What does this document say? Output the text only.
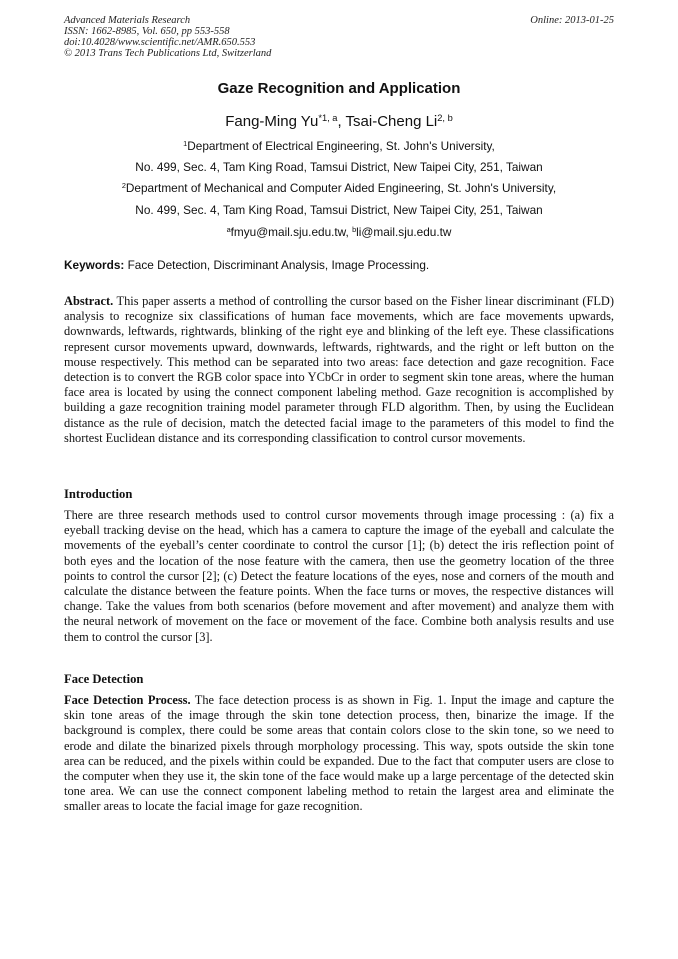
Advanced Materials Research
ISSN: 1662-8985, Vol. 650, pp 553-558
doi:10.4028/www.scientific.net/AMR.650.553
© 2013 Trans Tech Publications Ltd, Switzerland
Online: 2013-01-25
Gaze Recognition and Application
Fang-Ming Yu$^{*1, a}$, Tsai-Cheng Li$^{2, b}$
$^1$Department of Electrical Engineering, St. John's University,
No. 499, Sec. 4, Tam King Road, Tamsui District, New Taipei City, 251, Taiwan
$^2$Department of Mechanical and Computer Aided Engineering, St. John's University,
No. 499, Sec. 4, Tam King Road, Tamsui District, New Taipei City, 251, Taiwan
$^a$fmyu@mail.sju.edu.tw, $^b$li@mail.sju.edu.tw
Keywords: Face Detection, Discriminant Analysis, Image Processing.
Abstract. This paper asserts a method of controlling the cursor based on the Fisher linear discriminant (FLD) analysis to recognize six classifications of human face movements, which are face movements upwards, downwards, leftwards, rightwards, blinking of the right eye and blinking of the left eye. These classifications represent cursor movements upward, downwards, leftwards, rightwards, and the right or left button on the mouse respectively. This method can be separated into two areas: face detection and gaze recognition. Face detection is to convert the RGB color space into YCbCr in order to segment skin tone areas, where the human face area is located by using the connect component labeling method. Gaze recognition is accomplished by building a gaze recognition training model parameter through FLD algorithm. Then, by using the Euclidean distance as the rule of decision, match the detected facial image to the parameters of this model to find the shortest Euclidean distance and its corresponding classification to control cursor movements.
Introduction
There are three research methods used to control cursor movements through image processing : (a) fix a eyeball tracking devise on the head, which has a camera to capture the image of the eyeball and calculate the movements of the eyeball’s center coordinate to control the cursor [1]; (b) detect the iris reflection point of both eyes and the location of the nose feature with the camera, then use the geometry location of the three points to control the cursor [2]; (c) Detect the feature locations of the eyes, nose and corners of the mouth and calculate the distance between the feature points. When the face turns or moves, the respective distances will change. Take the values from both scenarios (before movement and after movement) and analyze them with the neural network of movement on the face or movement of the face. Combine both analysis results and use them to control the cursor [3].
Face Detection
Face Detection Process. The face detection process is as shown in Fig. 1. Input the image and capture the skin tone areas of the image through the skin tone detection process, then, binarize the image. If the background is complex, there could be some areas that contain colors close to the skin tone, so we need to erode and dilate the binarized pixels through morphology processing. This way, spots outside the skin tone area can be reduced, and the pixels within could be expanded. Due to the fact that computer users are close to the computer when they use it, the skin tone of the face would make up a large percentage of the detected skin tone area. We can use the connect component labeling method to retain the largest area and eliminate the smaller areas to locate the facial image for gaze recognition.
